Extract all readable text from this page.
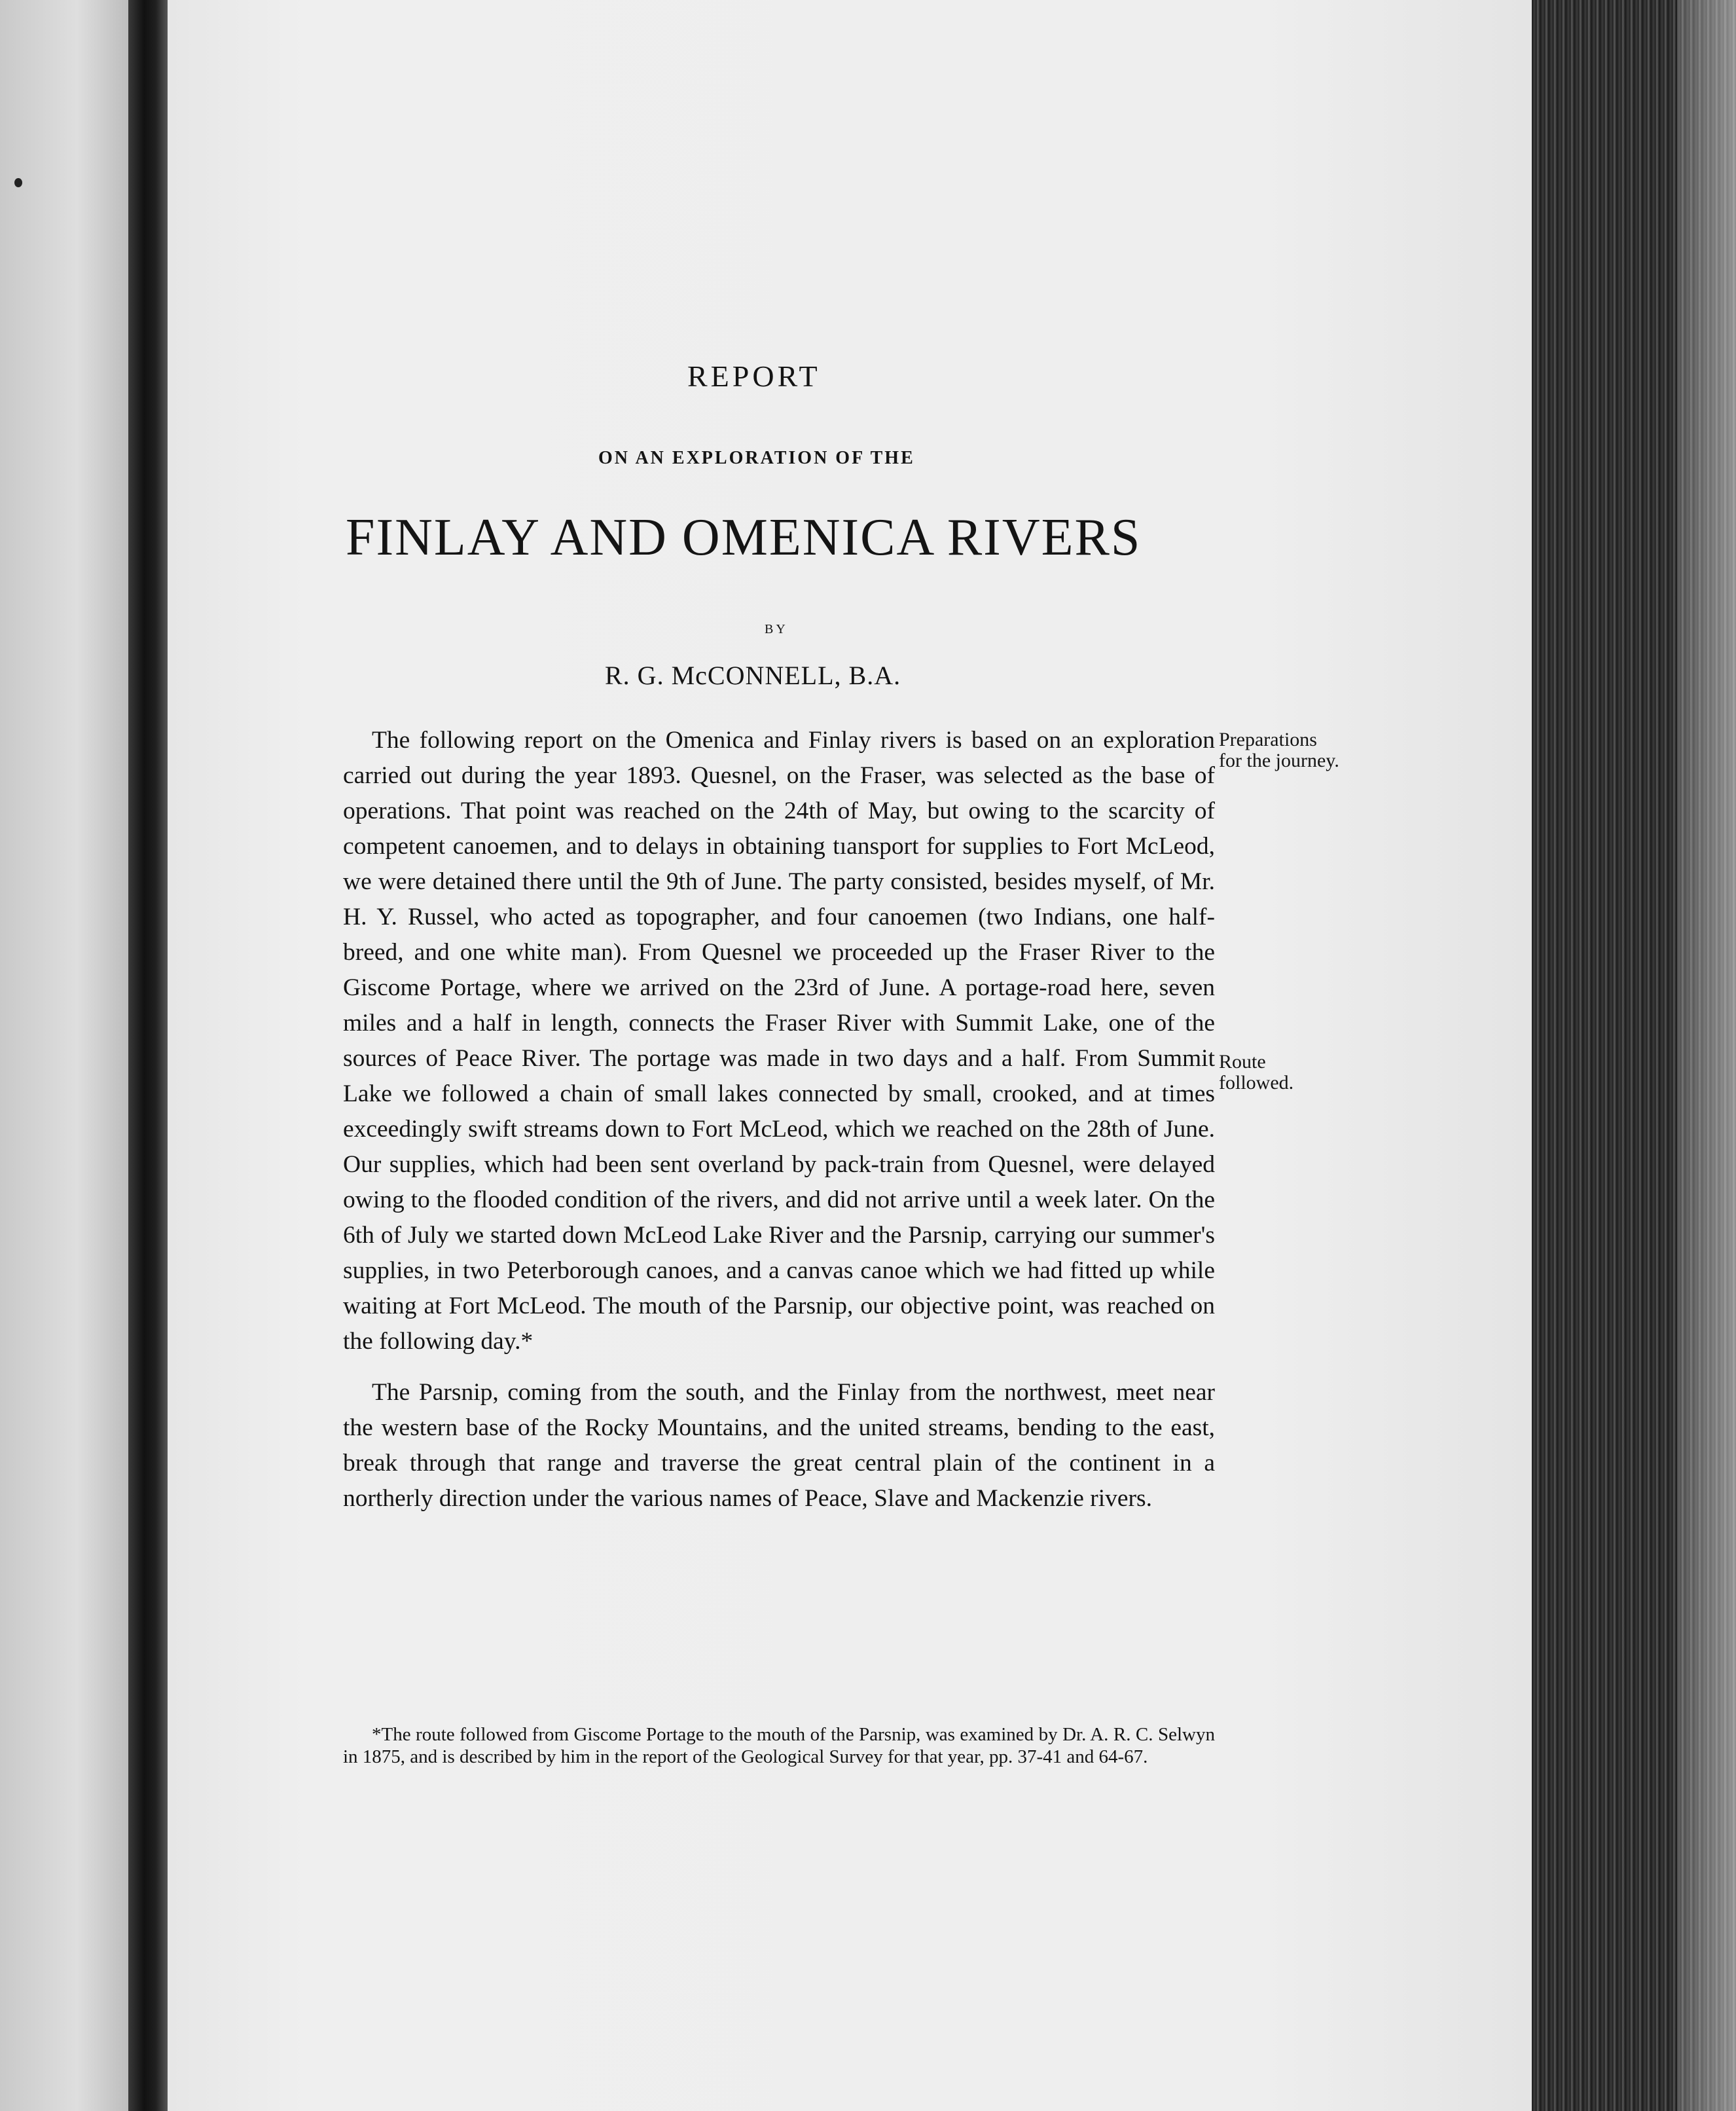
REPORT
ON AN EXPLORATION OF THE
FINLAY AND OMENICA RIVERS
BY
R. G. McCONNELL, B.A.

The following report on the Omenica and Finlay rivers is based on an exploration carried out during the year 1893. Quesnel, on the Fraser, was selected as the base of operations. That point was reached on the 24th of May, but owing to the scarcity of competent canoemen, and to delays in obtaining tıansport for supplies to Fort McLeod, we were detained there until the 9th of June. The party consisted, besides myself, of Mr. H. Y. Russel, who acted as topographer, and four canoemen (two Indians, one half-breed, and one white man). From Quesnel we proceeded up the Fraser River to the Giscome Portage, where we arrived on the 23rd of June. A portage-road here, seven miles and a half in length, connects the Fraser River with Summit Lake, one of the sources of Peace River. The portage was made in two days and a half. From Summit Lake we followed a chain of small lakes connected by small, crooked, and at times exceedingly swift streams down to Fort McLeod, which we reached on the 28th of June. Our supplies, which had been sent overland by pack-train from Quesnel, were delayed owing to the flooded condition of the rivers, and did not arrive until a week later. On the 6th of July we started down McLeod Lake River and the Parsnip, carrying our summer's supplies, in two Peterborough canoes, and a canvas canoe which we had fitted up while waiting at Fort McLeod. The mouth of the Parsnip, our objective point, was reached on the following day.*

The Parsnip, coming from the south, and the Finlay from the northwest, meet near the western base of the Rocky Mountains, and the united streams, bending to the east, break through that range and traverse the great central plain of the continent in a northerly direction under the various names of Peace, Slave and Mackenzie rivers.

Preparations for the journey.
Route followed.

*The route followed from Giscome Portage to the mouth of the Parsnip, was examined by Dr. A. R. C. Selwyn in 1875, and is described by him in the report of the Geological Survey for that year, pp. 37-41 and 64-67.
